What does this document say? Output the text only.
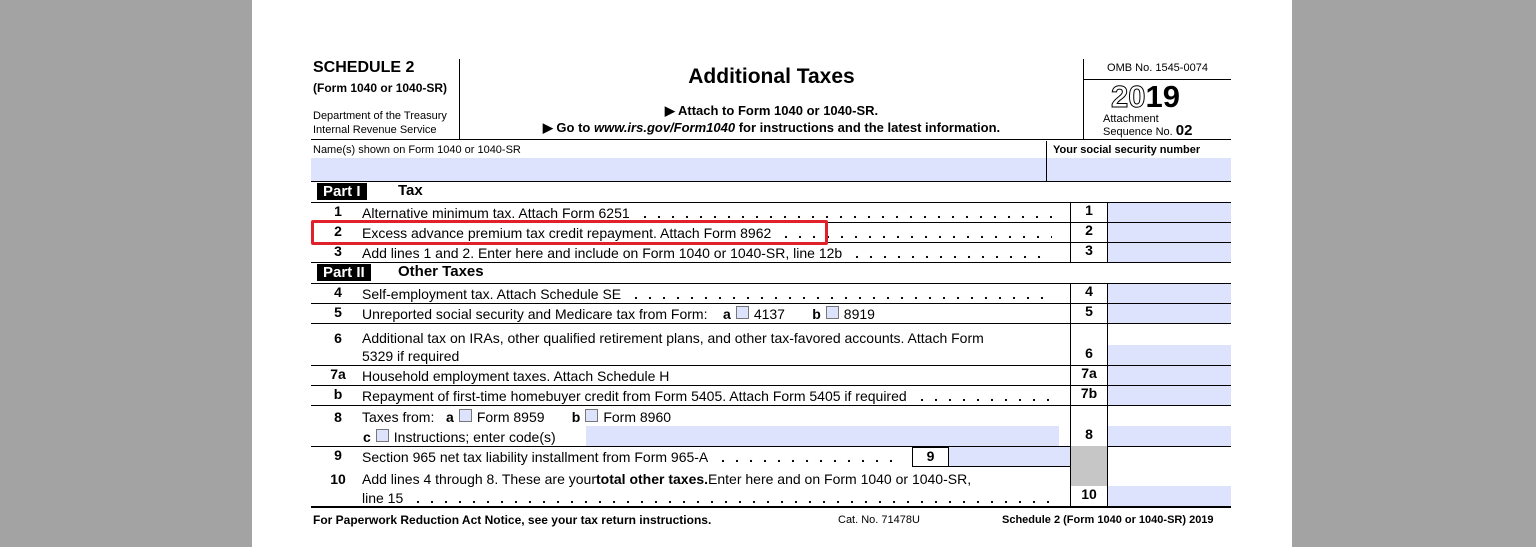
SCHEDULE 2
(Form 1040 or 1040-SR)
Department of the Treasury
Internal Revenue Service
Additional Taxes
▶ Attach to Form 1040 or 1040-SR.
▶ Go to www.irs.gov/Form1040 for instructions and the latest information.
OMB No. 1545-0074
2019
Attachment
Sequence No. 02
Name(s) shown on Form 1040 or 1040-SR	Your social security number
Part I	Tax
1	Alternative minimum tax. Attach Form 6251	1
2	Excess advance premium tax credit repayment. Attach Form 8962	2
3	Add lines 1 and 2. Enter here and include on Form 1040 or 1040-SR, line 12b	3
Part II	Other Taxes
4	Self-employment tax. Attach Schedule SE	4
5	Unreported social security and Medicare tax from Form:
a 4137
b 8919	5
6	Additional tax on IRAs, other qualified retirement plans, and other tax-favored accounts. Attach Form
5329 if required	6
7a	Household employment taxes. Attach Schedule H	7a
b	Repayment of first-time homebuyer credit from Form 5405. Attach Form 5405 if required	7b
8	Taxes from:
a Form 8959
b Form 8960
c Instructions; enter code(s)	8
9	Section 965 net tax liability installment from Form 965-A	9
10	Add lines 4 through 8. These are your total other taxes. Enter here and on Form 1040 or 1040-SR,
line 15	10
For Paperwork Reduction Act Notice, see your tax return instructions.	Cat. No. 71478U	Schedule 2 (Form 1040 or 1040-SR) 2019
